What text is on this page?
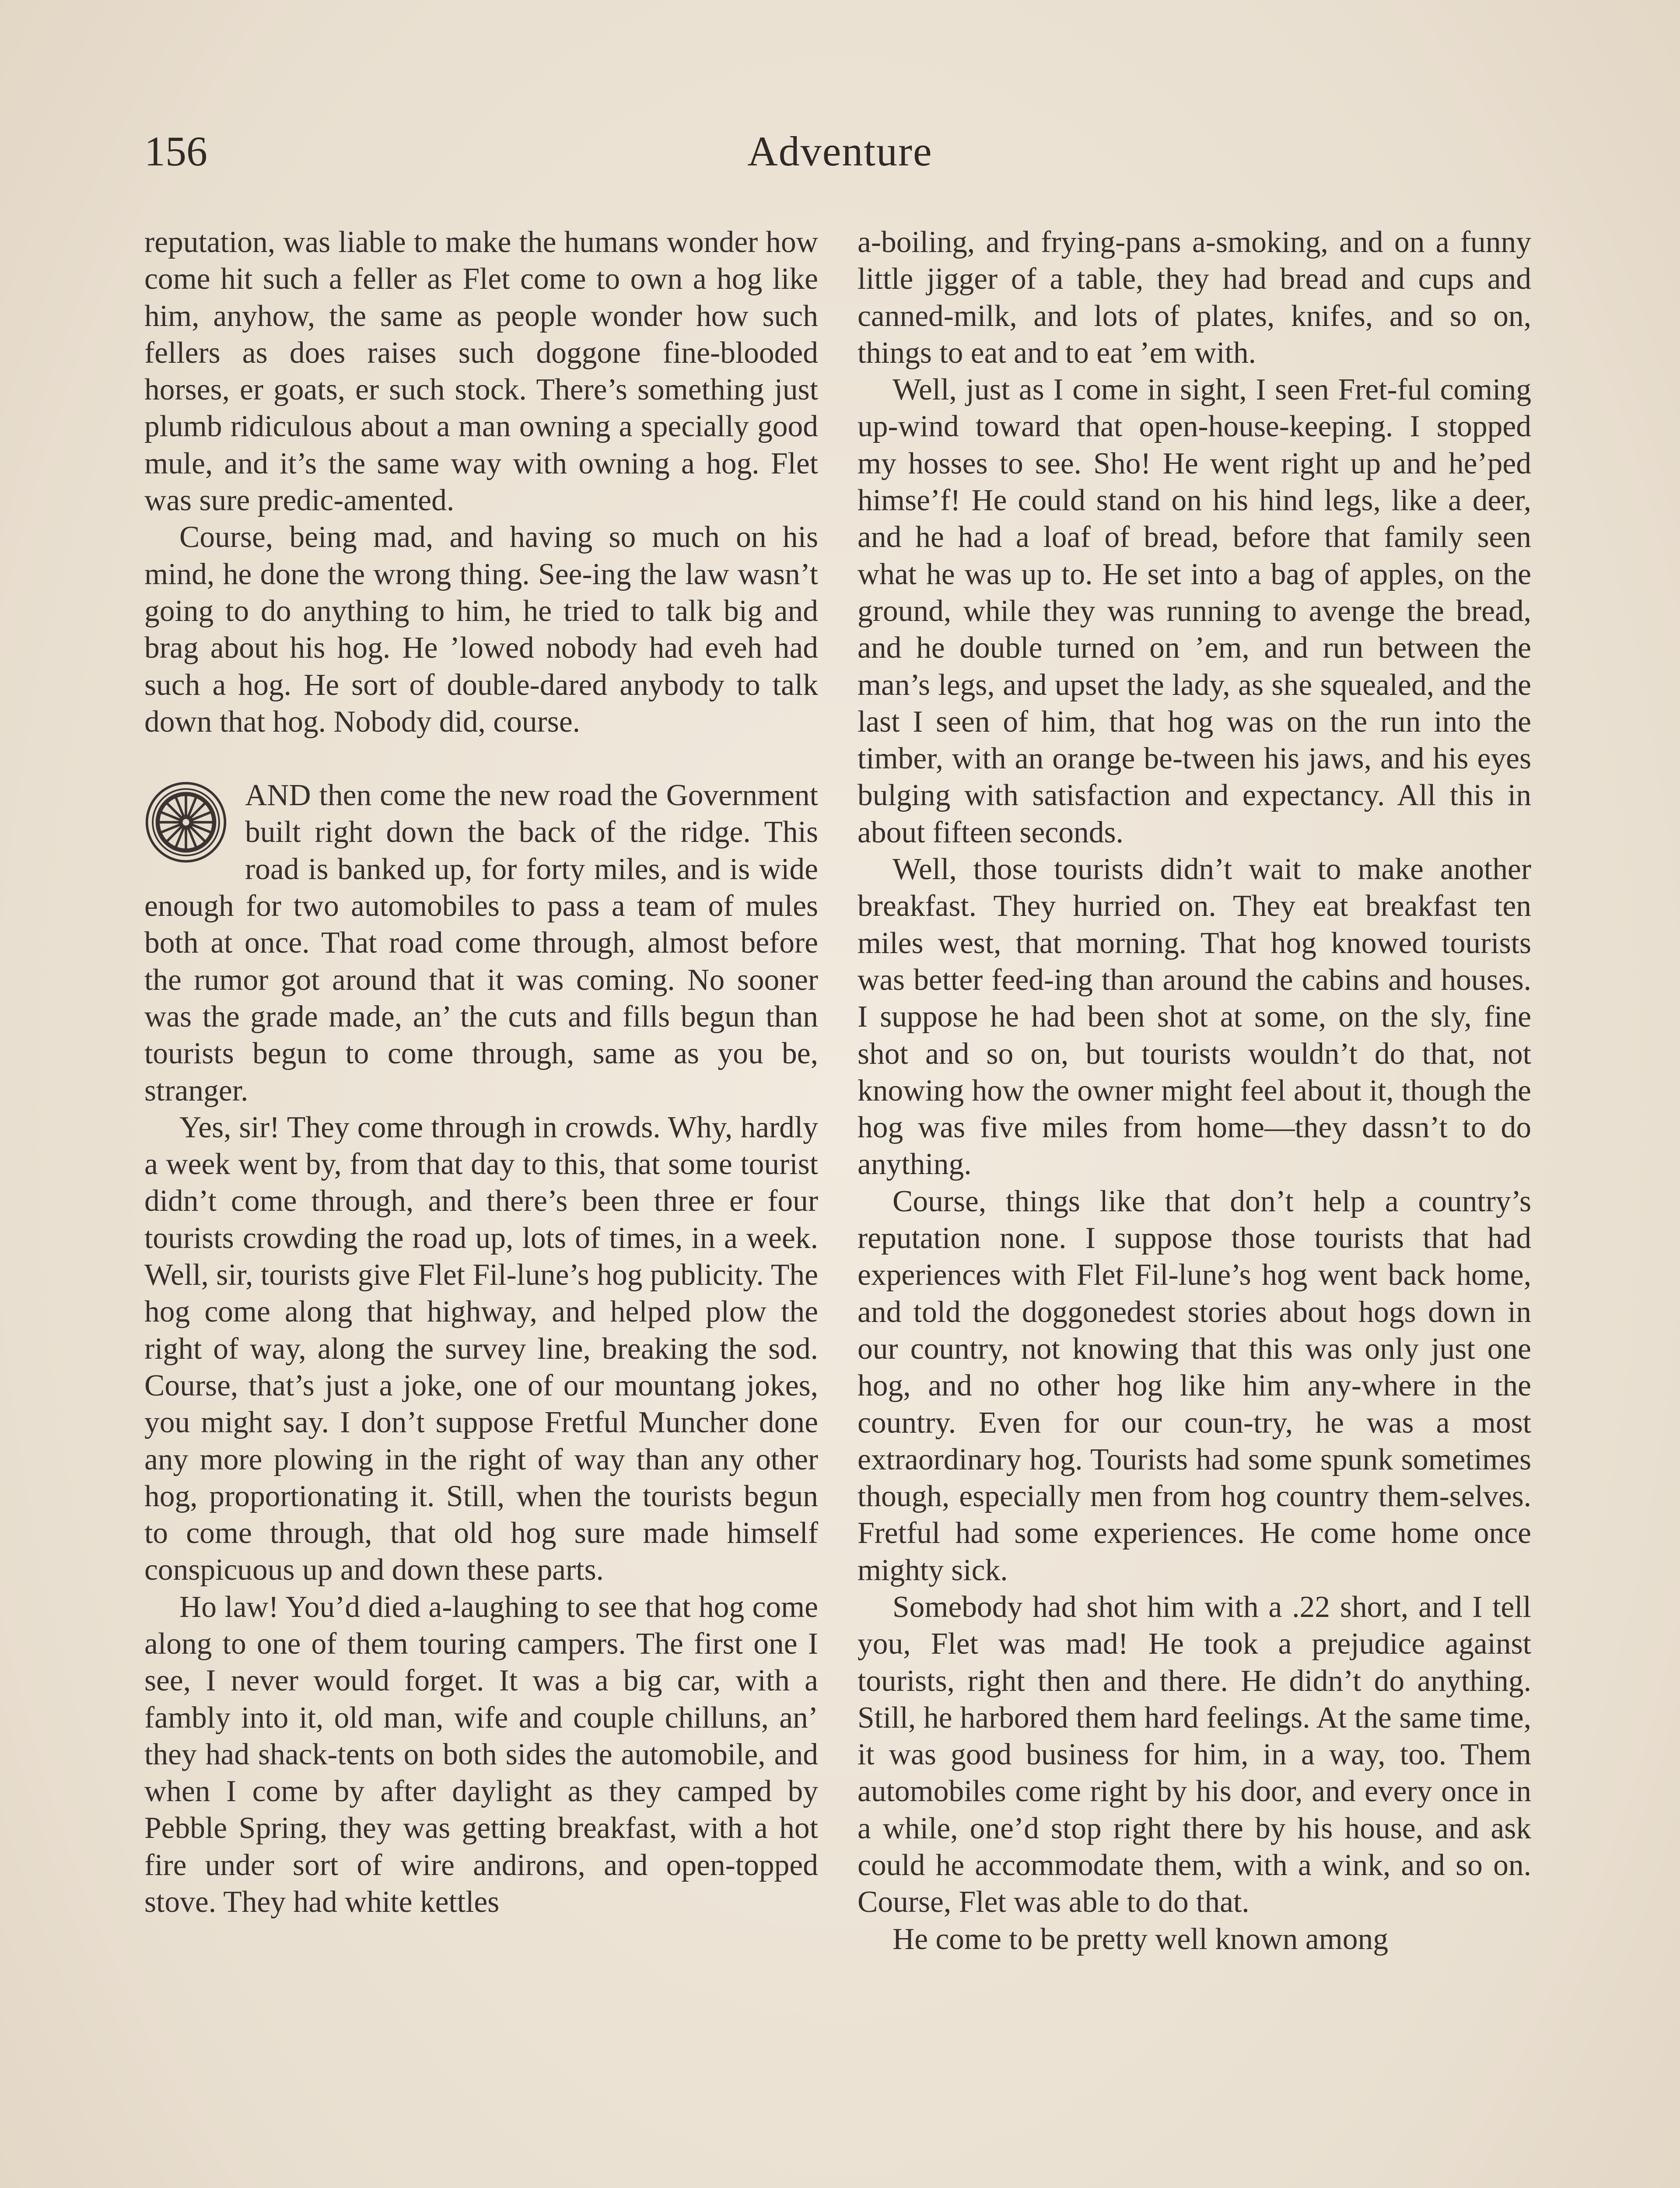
156	Adventure

reputation, was liable to make the humans wonder how come hit such a feller as Flet come to own a hog like him, anyhow, the same as people wonder how such fellers as does raises such doggone fine-blooded horses, er goats, er such stock. There’s something just plumb ridiculous about a man owning a specially good mule, and it’s the same way with owning a hog. Flet was sure predic-amented.

Course, being mad, and having so much on his mind, he done the wrong thing. See-ing the law wasn’t going to do anything to him, he tried to talk big and brag about his hog. He ’lowed nobody had eveh had such a hog. He sort of double-dared anybody to talk down that hog. Nobody did, course.

AND then come the new road the Government built right down the back of the ridge. This road is banked up, for forty miles, and is wide enough for two automobiles to pass a team of mules both at once. That road come through, almost before the rumor got around that it was coming. No sooner was the grade made, an’ the cuts and fills begun than tourists begun to come through, same as you be, stranger.

Yes, sir! They come through in crowds. Why, hardly a week went by, from that day to this, that some tourist didn’t come through, and there’s been three er four tourists crowding the road up, lots of times, in a week. Well, sir, tourists give Flet Fil-lune’s hog publicity. The hog come along that highway, and helped plow the right of way, along the survey line, breaking the sod. Course, that’s just a joke, one of our mountang jokes, you might say. I don’t suppose Fretful Muncher done any more plowing in the right of way than any other hog, proportionating it. Still, when the tourists begun to come through, that old hog sure made himself conspicuous up and down these parts.

Ho law! You’d died a-laughing to see that hog come along to one of them touring campers. The first one I see, I never would forget. It was a big car, with a fambly into it, old man, wife and couple chilluns, an’ they had shack-tents on both sides the automobile, and when I come by after daylight as they camped by Pebble Spring, they was getting breakfast, with a hot fire under sort of wire andirons, and open-topped stove. They had white kettles

a-boiling, and frying-pans a-smoking, and on a funny little jigger of a table, they had bread and cups and canned-milk, and lots of plates, knifes, and so on, things to eat and to eat ’em with.

Well, just as I come in sight, I seen Fret-ful coming up-wind toward that open-house-keeping. I stopped my hosses to see. Sho! He went right up and he’ped himse’f! He could stand on his hind legs, like a deer, and he had a loaf of bread, before that family seen what he was up to. He set into a bag of apples, on the ground, while they was running to avenge the bread, and he double turned on ’em, and run between the man’s legs, and upset the lady, as she squealed, and the last I seen of him, that hog was on the run into the timber, with an orange be-tween his jaws, and his eyes bulging with satisfaction and expectancy. All this in about fifteen seconds.

Well, those tourists didn’t wait to make another breakfast. They hurried on. They eat breakfast ten miles west, that morning. That hog knowed tourists was better feed-ing than around the cabins and houses. I suppose he had been shot at some, on the sly, fine shot and so on, but tourists wouldn’t do that, not knowing how the owner might feel about it, though the hog was five miles from home—they dassn’t to do anything.

Course, things like that don’t help a country’s reputation none. I suppose those tourists that had experiences with Flet Fil-lune’s hog went back home, and told the doggonedest stories about hogs down in our country, not knowing that this was only just one hog, and no other hog like him any-where in the country. Even for our coun-try, he was a most extraordinary hog. Tourists had some spunk sometimes though, especially men from hog country them-selves. Fretful had some experiences. He come home once mighty sick.

Somebody had shot him with a .22 short, and I tell you, Flet was mad! He took a prejudice against tourists, right then and there. He didn’t do anything. Still, he harbored them hard feelings. At the same time, it was good business for him, in a way, too. Them automobiles come right by his door, and every once in a while, one’d stop right there by his house, and ask could he accommodate them, with a wink, and so on. Course, Flet was able to do that.

He come to be pretty well known among
